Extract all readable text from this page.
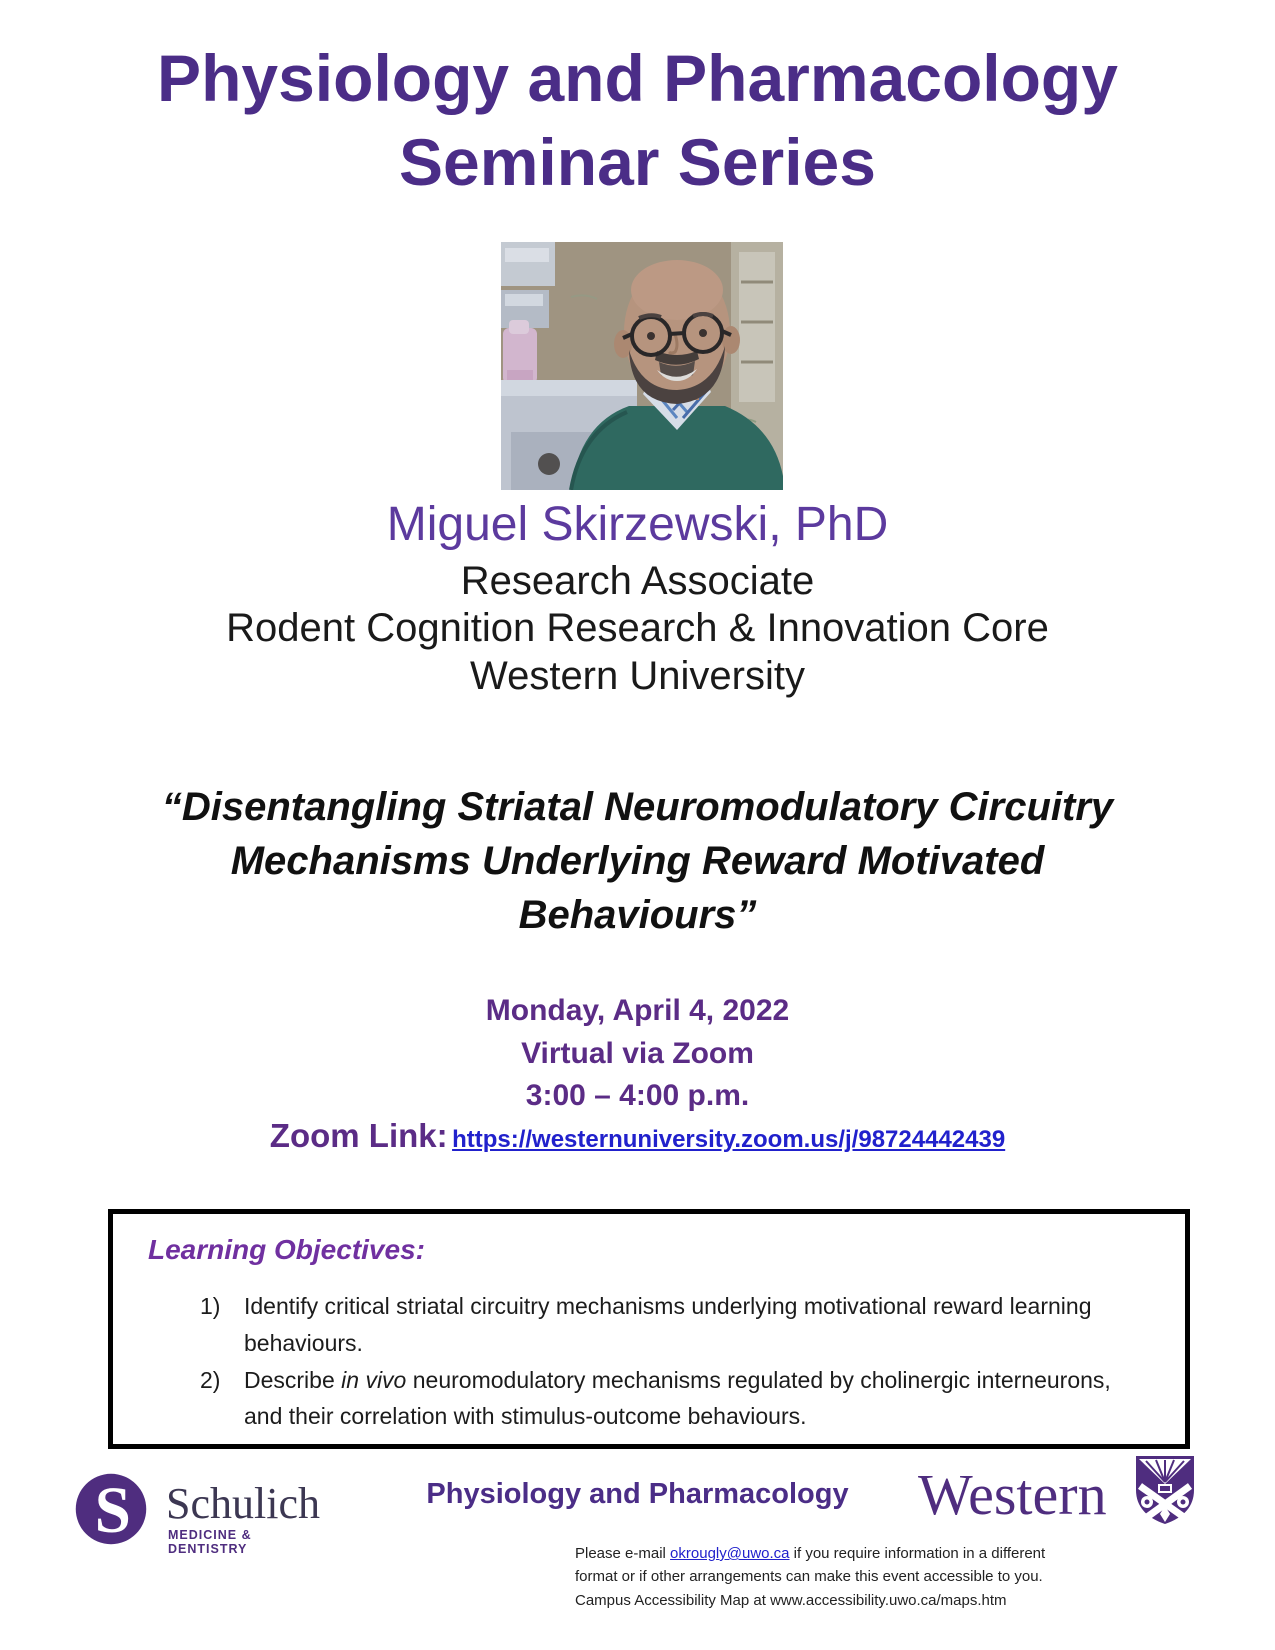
Physiology and Pharmacology
Seminar Series
Miguel Skirzewski, PhD
Research Associate
Rodent Cognition Research & Innovation Core
Western University
“Disentangling Striatal Neuromodulatory Circuitry
Mechanisms Underlying Reward Motivated
Behaviours”
Monday, April 4, 2022
Virtual via Zoom
3:00 – 4:00 p.m.
Zoom Link: https://westernuniversity.zoom.us/j/98724442439
Learning Objectives:
1)	Identify critical striatal circuitry mechanisms underlying motivational reward learning behaviours.
2)	Describe in vivo neuromodulatory mechanisms regulated by cholinergic interneurons, and their correlation with stimulus-outcome behaviours.
S Schulich
MEDICINE & DENTISTRY
Physiology and Pharmacology	Western
Please e-mail okrougly@uwo.ca if you require information in a different format or if other arrangements can make this event accessible to you. Campus Accessibility Map at www.accessibility.uwo.ca/maps.htm
